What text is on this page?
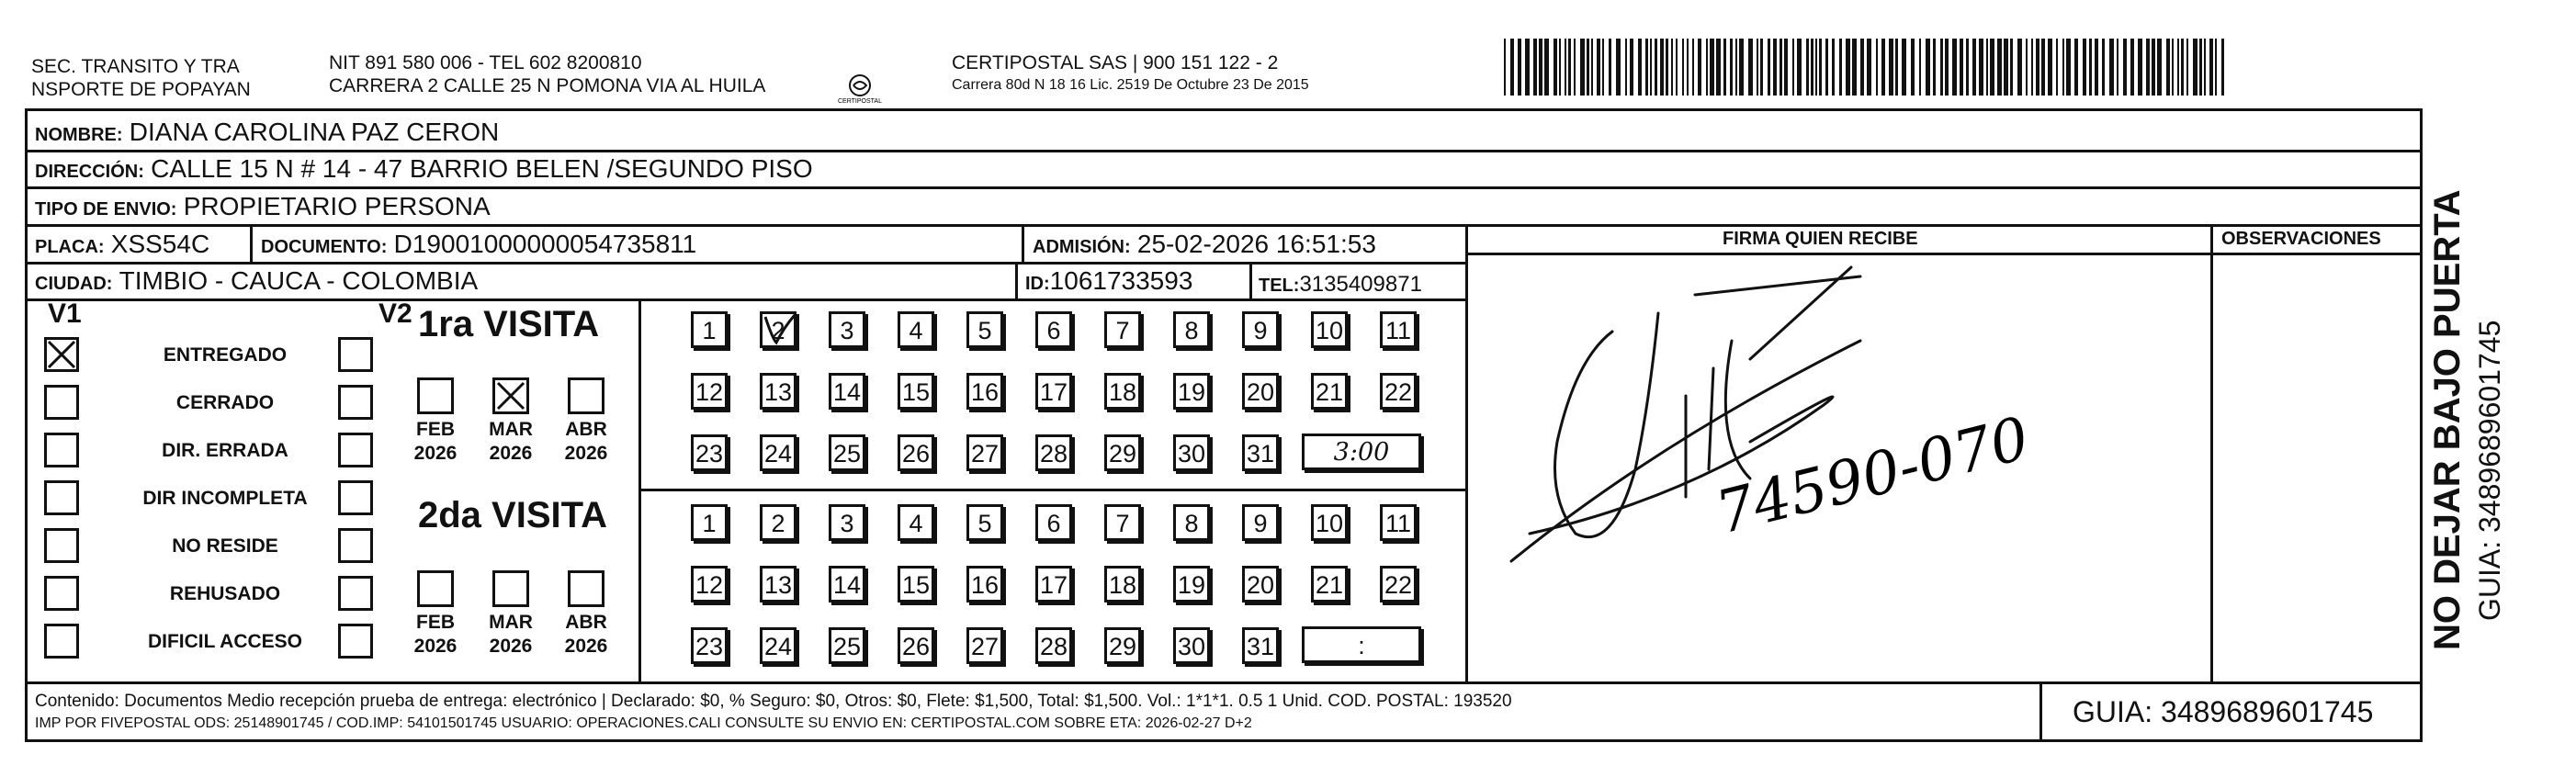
SEC. TRANSITO Y TRA
NSPORTE DE POPAYAN
NIT 891 580 006 - TEL 602 8200810
CARRERA 2 CALLE 25 N POMONA VIA AL HUILA
CERTIPOSTAL
CERTIPOSTAL SAS | 900 151 122 - 2
Carrera 80d N 18 16 Lic. 2519 De Octubre 23 De 2015
NOMBRE: DIANA CAROLINA PAZ CERON
DIRECCIÓN: CALLE 15 N # 14 - 47 BARRIO BELEN /SEGUNDO PISO
TIPO DE ENVIO: PROPIETARIO PERSONA
PLACA: XSS54C	DOCUMENTO: D19001000000054735811	ADMISIÓN: 25-02-2026 16:51:53
CIUDAD: TIMBIO - CAUCA - COLOMBIA	ID:1061733593	TEL:3135409871
FIRMA QUIEN RECIBE	OBSERVACIONES
V1	V2
ENTREGADO
CERRADO
DIR. ERRADA
DIR INCOMPLETA
NO RESIDE
REHUSADO
DIFICIL ACCESO
1ra VISITA
2da VISITA
FEB
2026
MAR
2026
ABR
2026
FEB
2026
MAR
2026
ABR
2026
1	2	3	4	5	6	7	8	9	10 11
12 13 14 15 16 17 18 19 20 21 22
23 24 25 26 27 28 29 30 31
1	2	3	4	5	6	7	8	9	10 11
12 13 14 15 16 17 18 19 20 21 22
23 24 25 26 27 28 29 30 31
3:00
:
74590-070
Contenido: Documentos Medio recepción prueba de entrega: electrónico | Declarado: $0, % Seguro: $0, Otros: $0, Flete: $1,500, Total: $1,500. Vol.: 1*1*1. 0.5 1 Unid. COD. POSTAL: 193520
IMP POR FIVEPOSTAL ODS: 25148901745 / COD.IMP: 54101501745 USUARIO: OPERACIONES.CALI CONSULTE SU ENVIO EN: CERTIPOSTAL.COM SOBRE ETA: 2026-02-27 D+2	GUIA: 3489689601745
NO DEJAR BAJO PUERTA GUIA: 3489689601745
